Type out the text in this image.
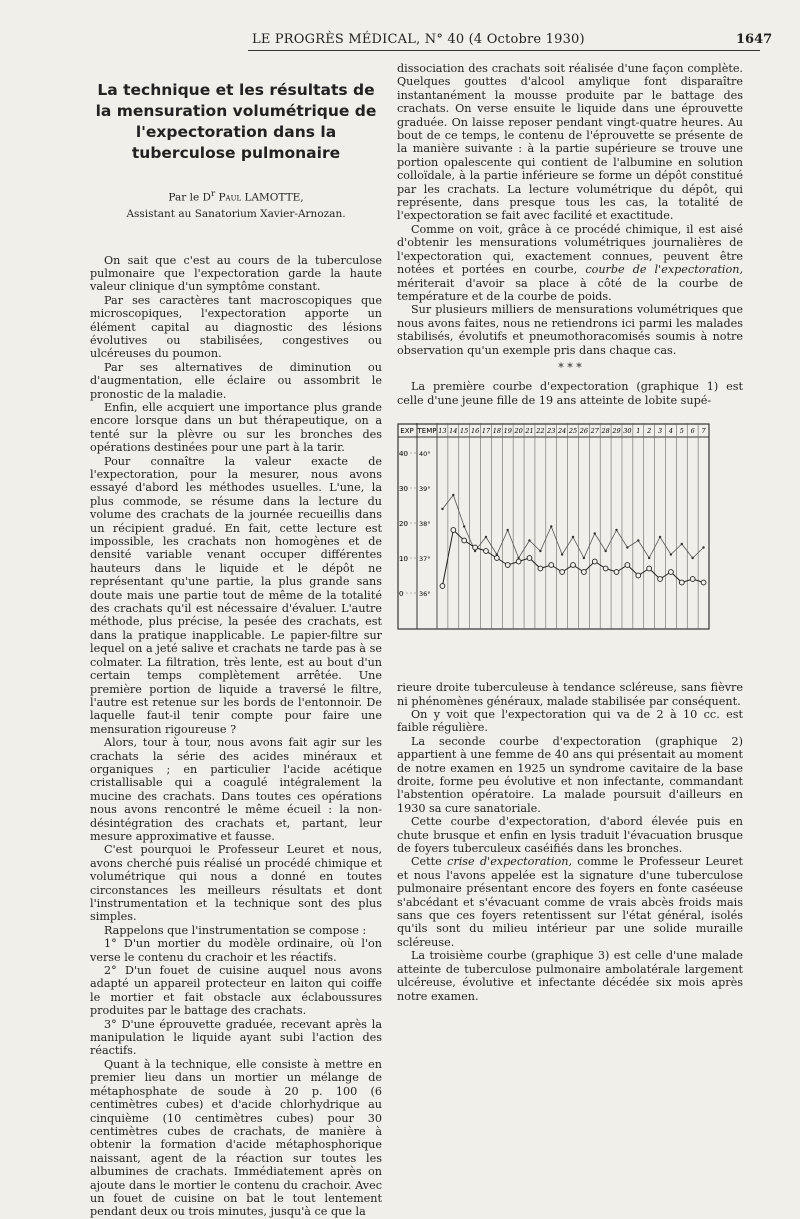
LE PROGRÈS MÉDICAL, N° 40 (4 Octobre 1930)	1647
La technique et les résultats de la mensuration volumétrique de l'expectoration dans la tuberculose pulmonaire
Par le $D^r$ Paul LAMOTTE,
Assistant au Sanatorium Xavier-Arnozan.

On sait que c'est au cours de la tuberculose pulmonaire que l'expectoration garde la haute valeur clinique d'un symptôme constant.

Par ses caractères tant macroscopiques que microscopiques, l'expectoration apporte un élément capital au diagnostic des lésions évolutives ou stabilisées, congestives ou ulcéreuses du poumon.

Par ses alternatives de diminution ou d'augmentation, elle éclaire ou assombrit le pronostic de la maladie.

Enfin, elle acquiert une importance plus grande encore lorsque dans un but thérapeutique, on a tenté sur la plèvre ou sur les bronches des opérations destinées pour une part à la tarir.

Pour connaître la valeur exacte de l'expectoration, pour la mesurer, nous avons essayé d'abord les méthodes usuelles. L'une, la plus commode, se résume dans la lecture du volume des crachats de la journée recueillis dans un récipient gradué. En fait, cette lecture est impossible, les crachats non homogènes et de densité variable venant occuper différentes hauteurs dans le liquide et le dépôt ne représentant qu'une partie, la plus grande sans doute mais une partie tout de même de la totalité des crachats qu'il est nécessaire d'évaluer. L'autre méthode, plus précise, la pesée des crachats, est dans la pratique inapplicable. Le papier-filtre sur lequel on a jeté salive et crachats ne tarde pas à se colmater. La filtration, très lente, est au bout d'un certain temps complètement arrêtée. Une première portion de liquide a traversé le filtre, l'autre est retenue sur les bords de l'entonnoir. De laquelle faut-il tenir compte pour faire une mensuration rigoureuse ?

Alors, tour à tour, nous avons fait agir sur les crachats la série des acides minéraux et organiques ; en particulier l'acide acétique cristallisable qui a coagulé intégralement la mucine des crachats. Dans toutes ces opérations nous avons rencontré le même écueil : la non-désintégration des crachats et, partant, leur mesure approximative et fausse.

C'est pourquoi le Professeur Leuret et nous, avons cherché puis réalisé un procédé chimique et volumétrique qui nous a donné en toutes circonstances les meilleurs résultats et dont l'instrumentation et la technique sont des plus simples.

Rappelons que l'instrumentation se compose :

1° D'un mortier du modèle ordinaire, où l'on verse le contenu du crachoir et les réactifs.

2° D'un fouet de cuisine auquel nous avons adapté un appareil protecteur en laiton qui coiffe le mortier et fait obstacle aux éclaboussures produites par le battage des crachats.

3° D'une éprouvette graduée, recevant après la manipulation le liquide ayant subi l'action des réactifs.

Quant à la technique, elle consiste à mettre en premier lieu dans un mortier un mélange de métaphosphate de soude à 20 p. 100 (6 centimètres cubes) et d'acide chlorhydrique au cinquième (10 centimètres cubes) pour 30 centimètres cubes de crachats, de manière à obtenir la formation d'acide métaphosphorique naissant, agent de la réaction sur toutes les albumines de crachats. Immédiatement après on ajoute dans le mortier le contenu du crachoir. Avec un fouet de cuisine on bat le tout lentement pendant deux ou trois minutes, jusqu'à ce que la

dissociation des crachats soit réalisée d'une façon complète. Quelques gouttes d'alcool amylique font disparaître instantanément la mousse produite par le battage des crachats. On verse ensuite le liquide dans une éprouvette graduée. On laisse reposer pendant vingt-quatre heures. Au bout de ce temps, le contenu de l'éprouvette se présente de la manière suivante : à la partie supérieure se trouve une portion opalescente qui contient de l'albumine en solution colloïdale, à la partie inférieure se forme un dépôt constitué par les crachats. La lecture volumétrique du dépôt, qui représente, dans presque tous les cas, la totalité de l'expectoration se fait avec facilité et exactitude.

Comme on voit, grâce à ce procédé chimique, il est aisé d'obtenir les mensurations volumétriques journalières de l'expectoration qui, exactement connues, peuvent être notées et portées en courbe, courbe de l'expectoration, mériterait d'avoir sa place à côté de la courbe de température et de la courbe de poids.

Sur plusieurs milliers de mensurations volumétriques que nous avons faites, nous ne retiendrons ici parmi les malades stabilisés, évolutifs et pneumothoracomisés soumis à notre observation qu'un exemple pris dans chaque cas.

* * *

La première courbe d'expectoration (graphique 1) est celle d'une jeune fille de 19 ans atteinte de lobite supé-

EXP TEMP 13 14 15 16 17 18 19 20 21 22 23 24 25 26 27 28 29 30 1 2 3 4 5 6 7
40 40°
30 39°
20 38°
10 37°
0 36°

rieure droite tuberculeuse à tendance scléreuse, sans fièvre ni phénomènes généraux, malade stabilisée par conséquent.

On y voit que l'expectoration qui va de 2 à 10 cc. est faible régulière.

La seconde courbe d'expectoration (graphique 2) appartient à une femme de 40 ans qui présentait au moment de notre examen en 1925 un syndrome cavitaire de la base droite, forme peu évolutive et non infectante, commandant l'abstention opératoire. La malade poursuit d'ailleurs en 1930 sa cure sanatoriale.

Cette courbe d'expectoration, d'abord élevée puis en chute brusque et enfin en lysis traduit l'évacuation brusque de foyers tuberculeux caséifiés dans les bronches.

Cette crise d'expectoration, comme le Professeur Leuret et nous l'avons appelée est la signature d'une tuberculose pulmonaire présentant encore des foyers en fonte caséeuse s'abcédant et s'évacuant comme de vrais abcès froids mais sans que ces foyers retentissent sur l'état général, isolés qu'ils sont du milieu intérieur par une solide muraille scléreuse.

La troisième courbe (graphique 3) est celle d'une malade atteinte de tuberculose pulmonaire ambolatérale largement ulcéreuse, évolutive et infectante décédée six mois après notre examen.
